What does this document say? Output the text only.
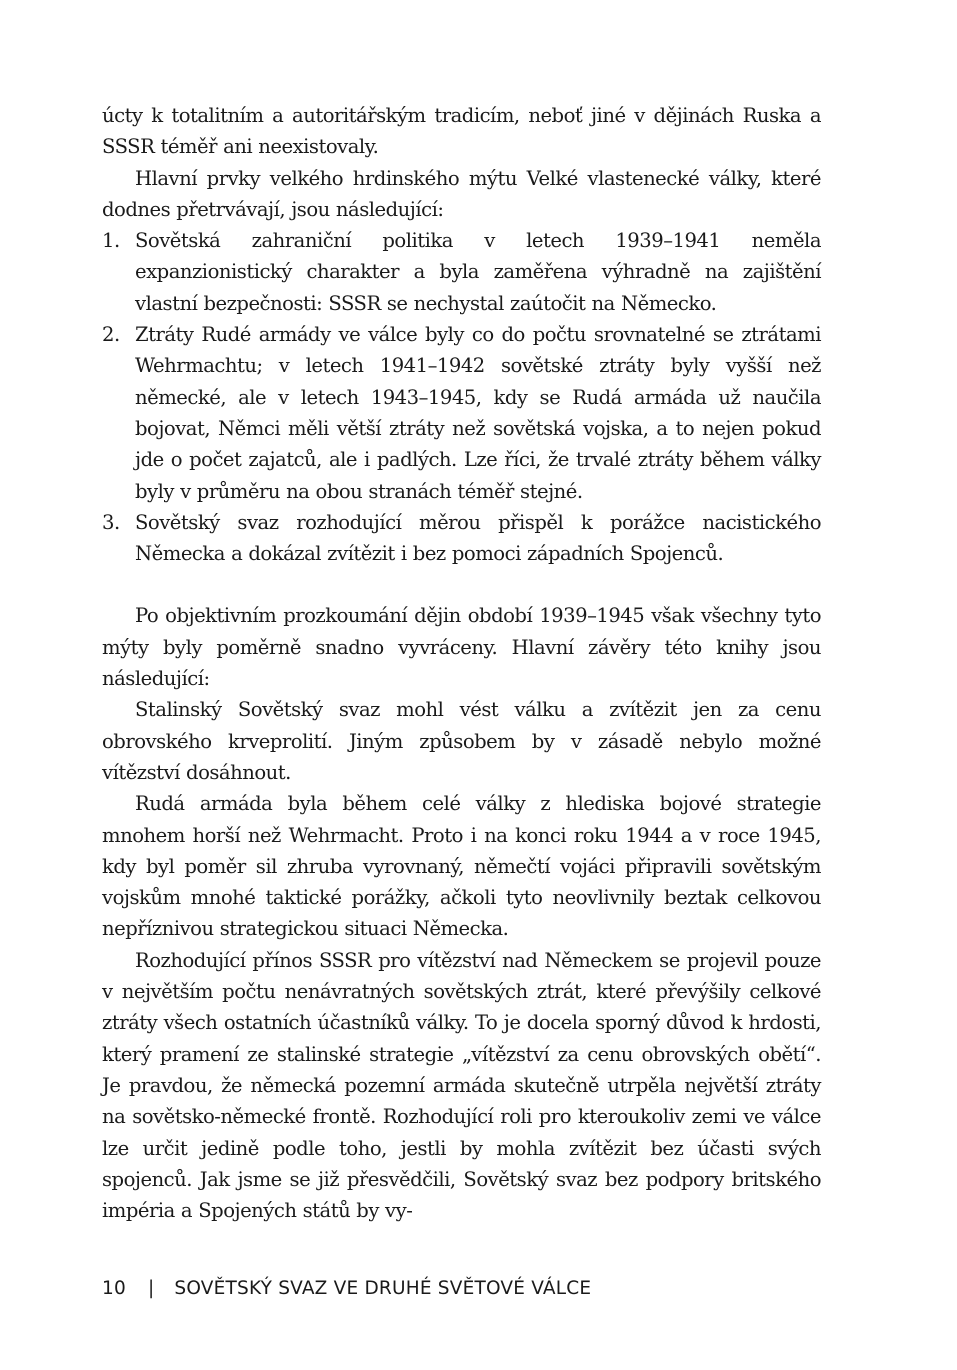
úcty k totalitním a autoritářským tradicím, neboť jiné v dějinách Ruska a SSSR téměř ani neexistovaly.

Hlavní prvky velkého hrdinského mýtu Velké vlastenecké války, které dodnes přetrvávají, jsou následující:

1. Sovětská zahraniční politika v letech 1939–1941 neměla expanzionistický charakter a byla zaměřena výhradně na zajištění vlastní bezpečnosti: SSSR se nechystal zaútočit na Německo.
2. Ztráty Rudé armády ve válce byly co do počtu srovnatelné se ztrátami Wehrmachtu; v letech 1941–1942 sovětské ztráty byly vyšší než německé, ale v letech 1943–1945, kdy se Rudá armáda už naučila bojovat, Němci měli větší ztráty než sovětská vojska, a to nejen pokud jde o počet zajatců, ale i padlých. Lze říci, že trvalé ztráty během války byly v průměru na obou stranách téměř stejné.
3. Sovětský svaz rozhodující měrou přispěl k porážce nacistického Německa a dokázal zvítězit i bez pomoci západních Spojenců.

Po objektivním prozkoumání dějin období 1939–1945 však všechny tyto mýty byly poměrně snadno vyvráceny. Hlavní závěry této knihy jsou následující:

Stalinský Sovětský svaz mohl vést válku a zvítězit jen za cenu obrovského krveprolití. Jiným způsobem by v zásadě nebylo možné vítězství dosáhnout.

Rudá armáda byla během celé války z hlediska bojové strategie mnohem horší než Wehrmacht. Proto i na konci roku 1944 a v roce 1945, kdy byl poměr sil zhruba vyrovnaný, němečtí vojáci připravili sovětským vojskům mnohé taktické porážky, ačkoli tyto neovlivnily beztak celkovou nepříznivou strategickou situaci Německa.

Rozhodující přínos SSSR pro vítězství nad Německem se projevil pouze v největším počtu nenávratných sovětských ztrát, které převýšily celkové ztráty všech ostatních účastníků války. To je docela sporný důvod k hrdosti, který pramení ze stalinské strategie „vítězství za cenu obrovských obětí“. Je pravdou, že německá pozemní armáda skutečně utrpěla největší ztráty na sovětsko-německé frontě. Rozhodující roli pro kteroukoliv zemi ve válce lze určit jedině podle toho, jestli by mohla zvítězit bez účasti svých spojenců. Jak jsme se již přesvědčili, Sovětský svaz bez podpory britského impéria a Spojených států by vy-

10 | SOVĚTSKÝ SVAZ VE DRUHÉ SVĚTOVÉ VÁLCE
